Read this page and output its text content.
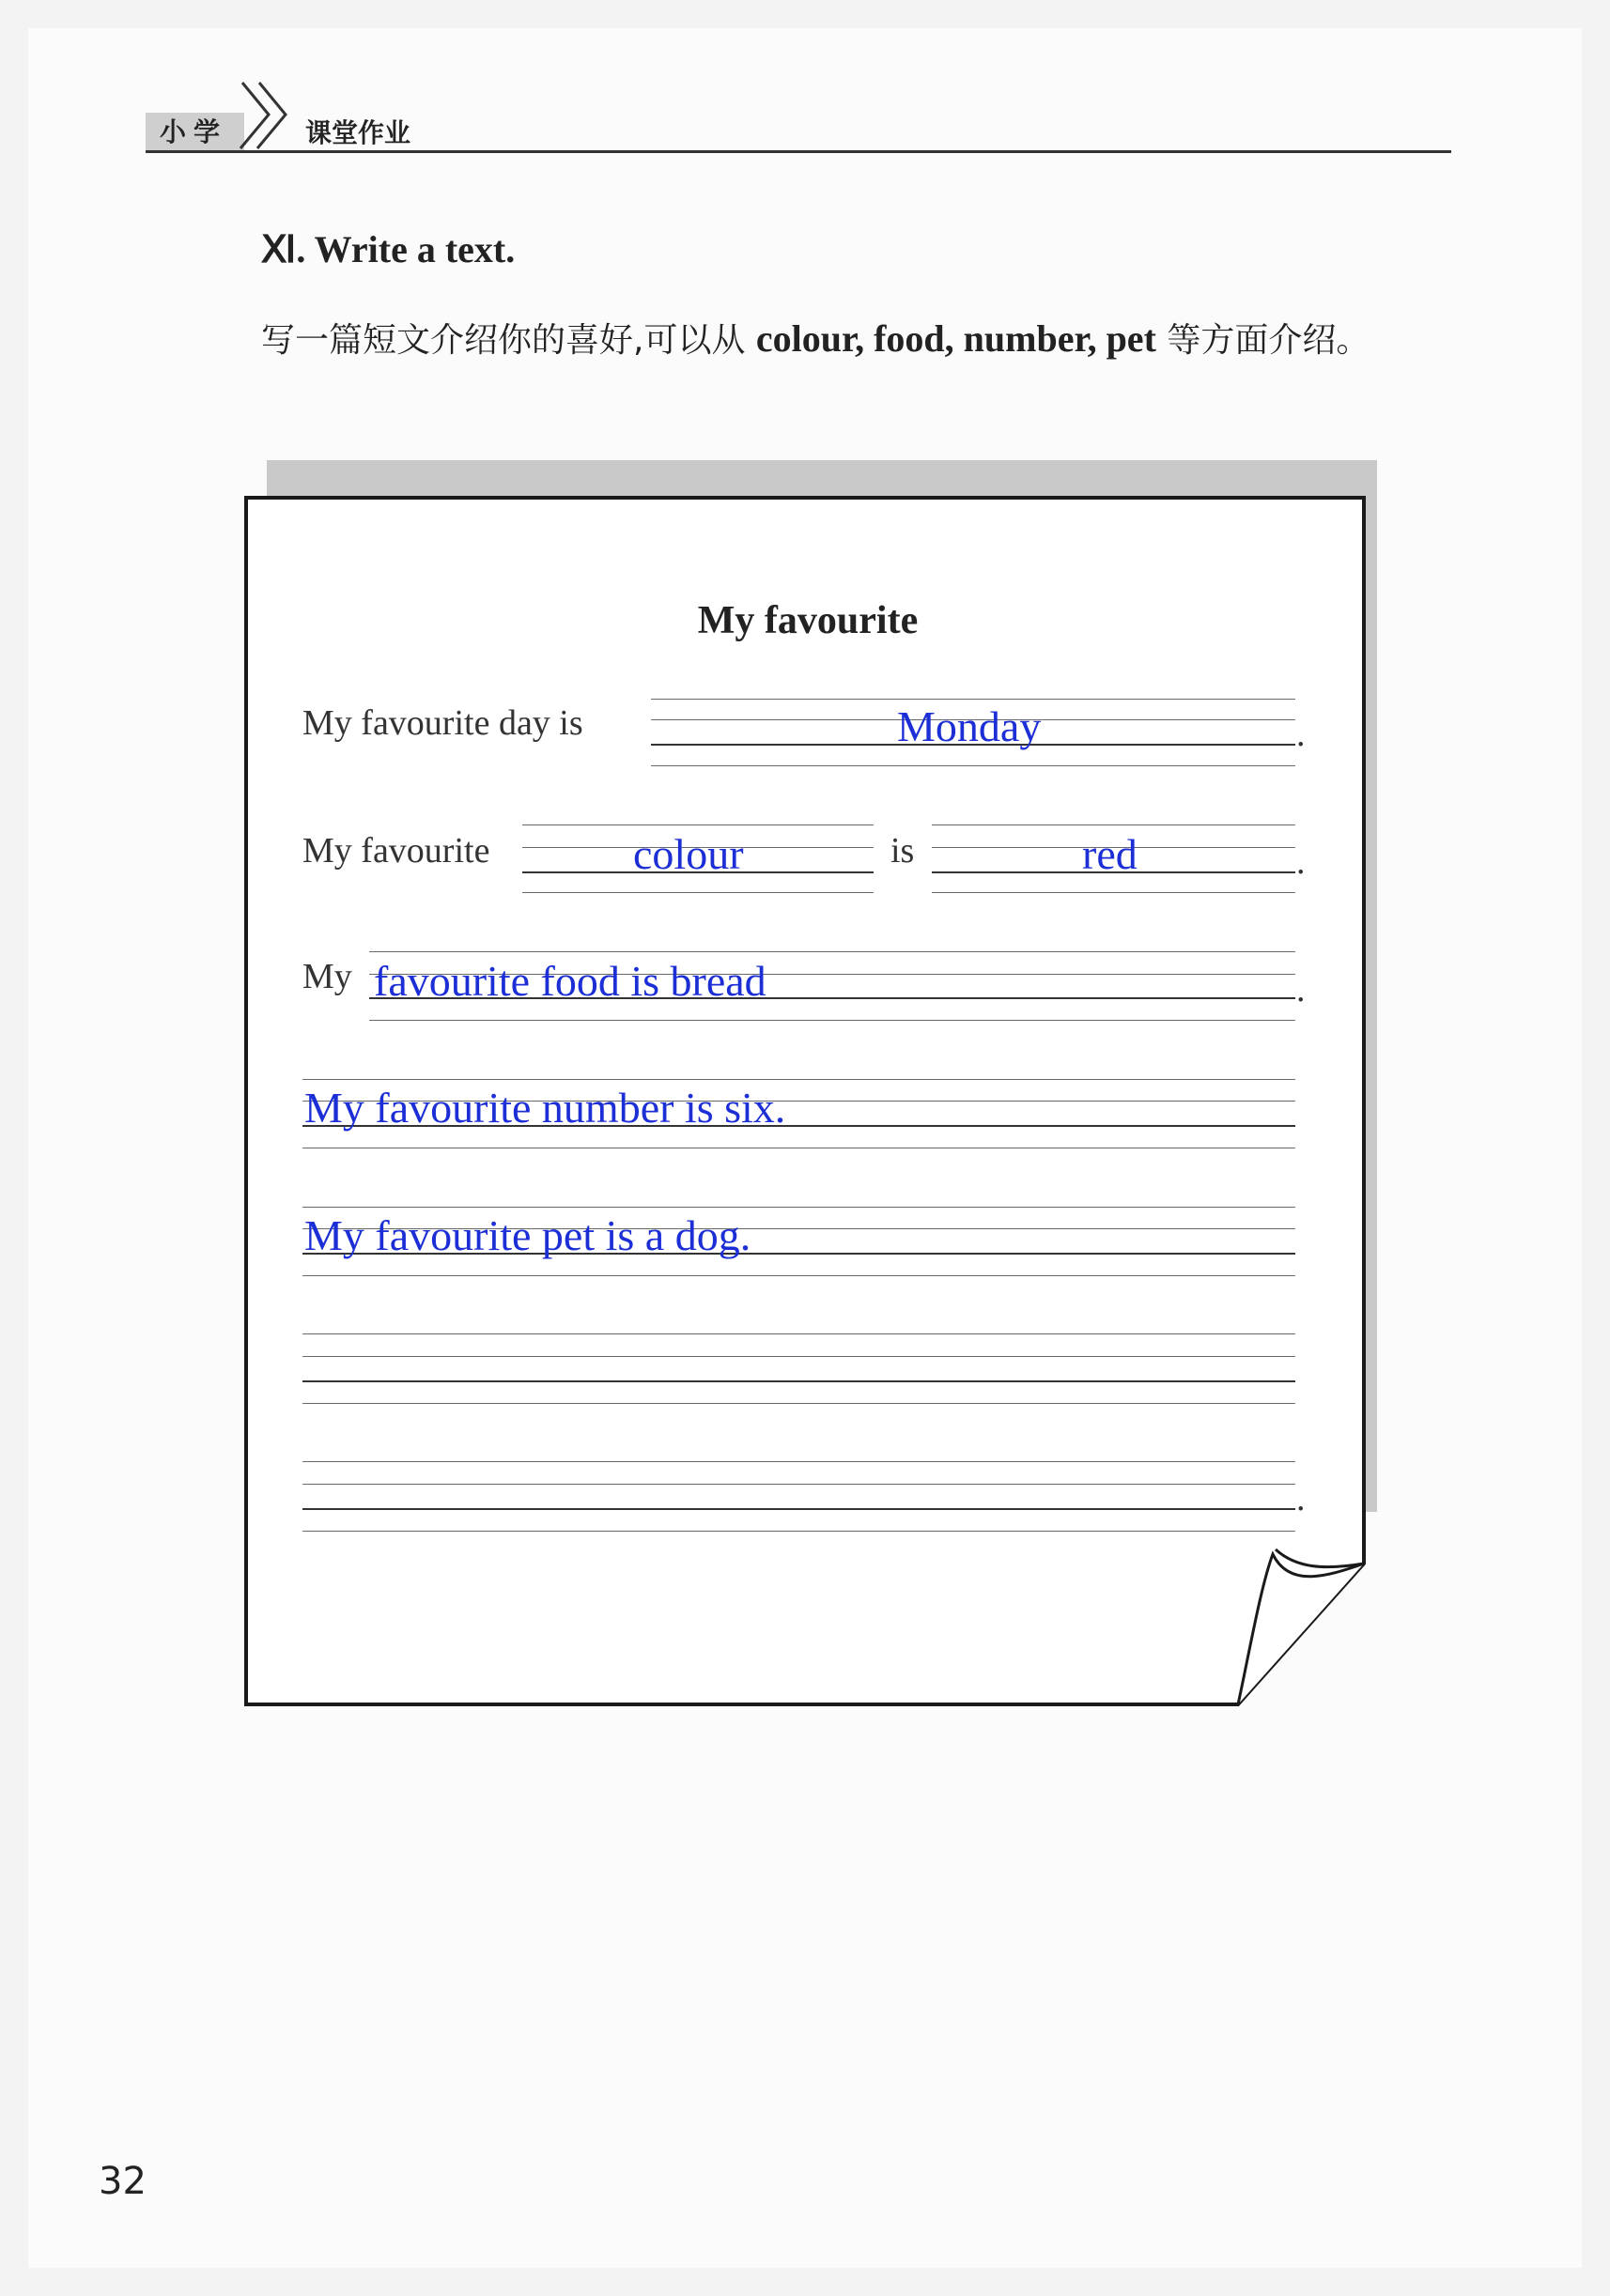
小学	课堂作业
Ⅺ. Write a text.
写一篇短文介绍你的喜好,可以从 colour, food, number, pet 等方面介绍。
My favourite
My favourite day is	Monday	.
My favourite	colour	is	red	.
My favourite food is bread	.
My favourite number is six.
My favourite pet is a dog.
.
32
